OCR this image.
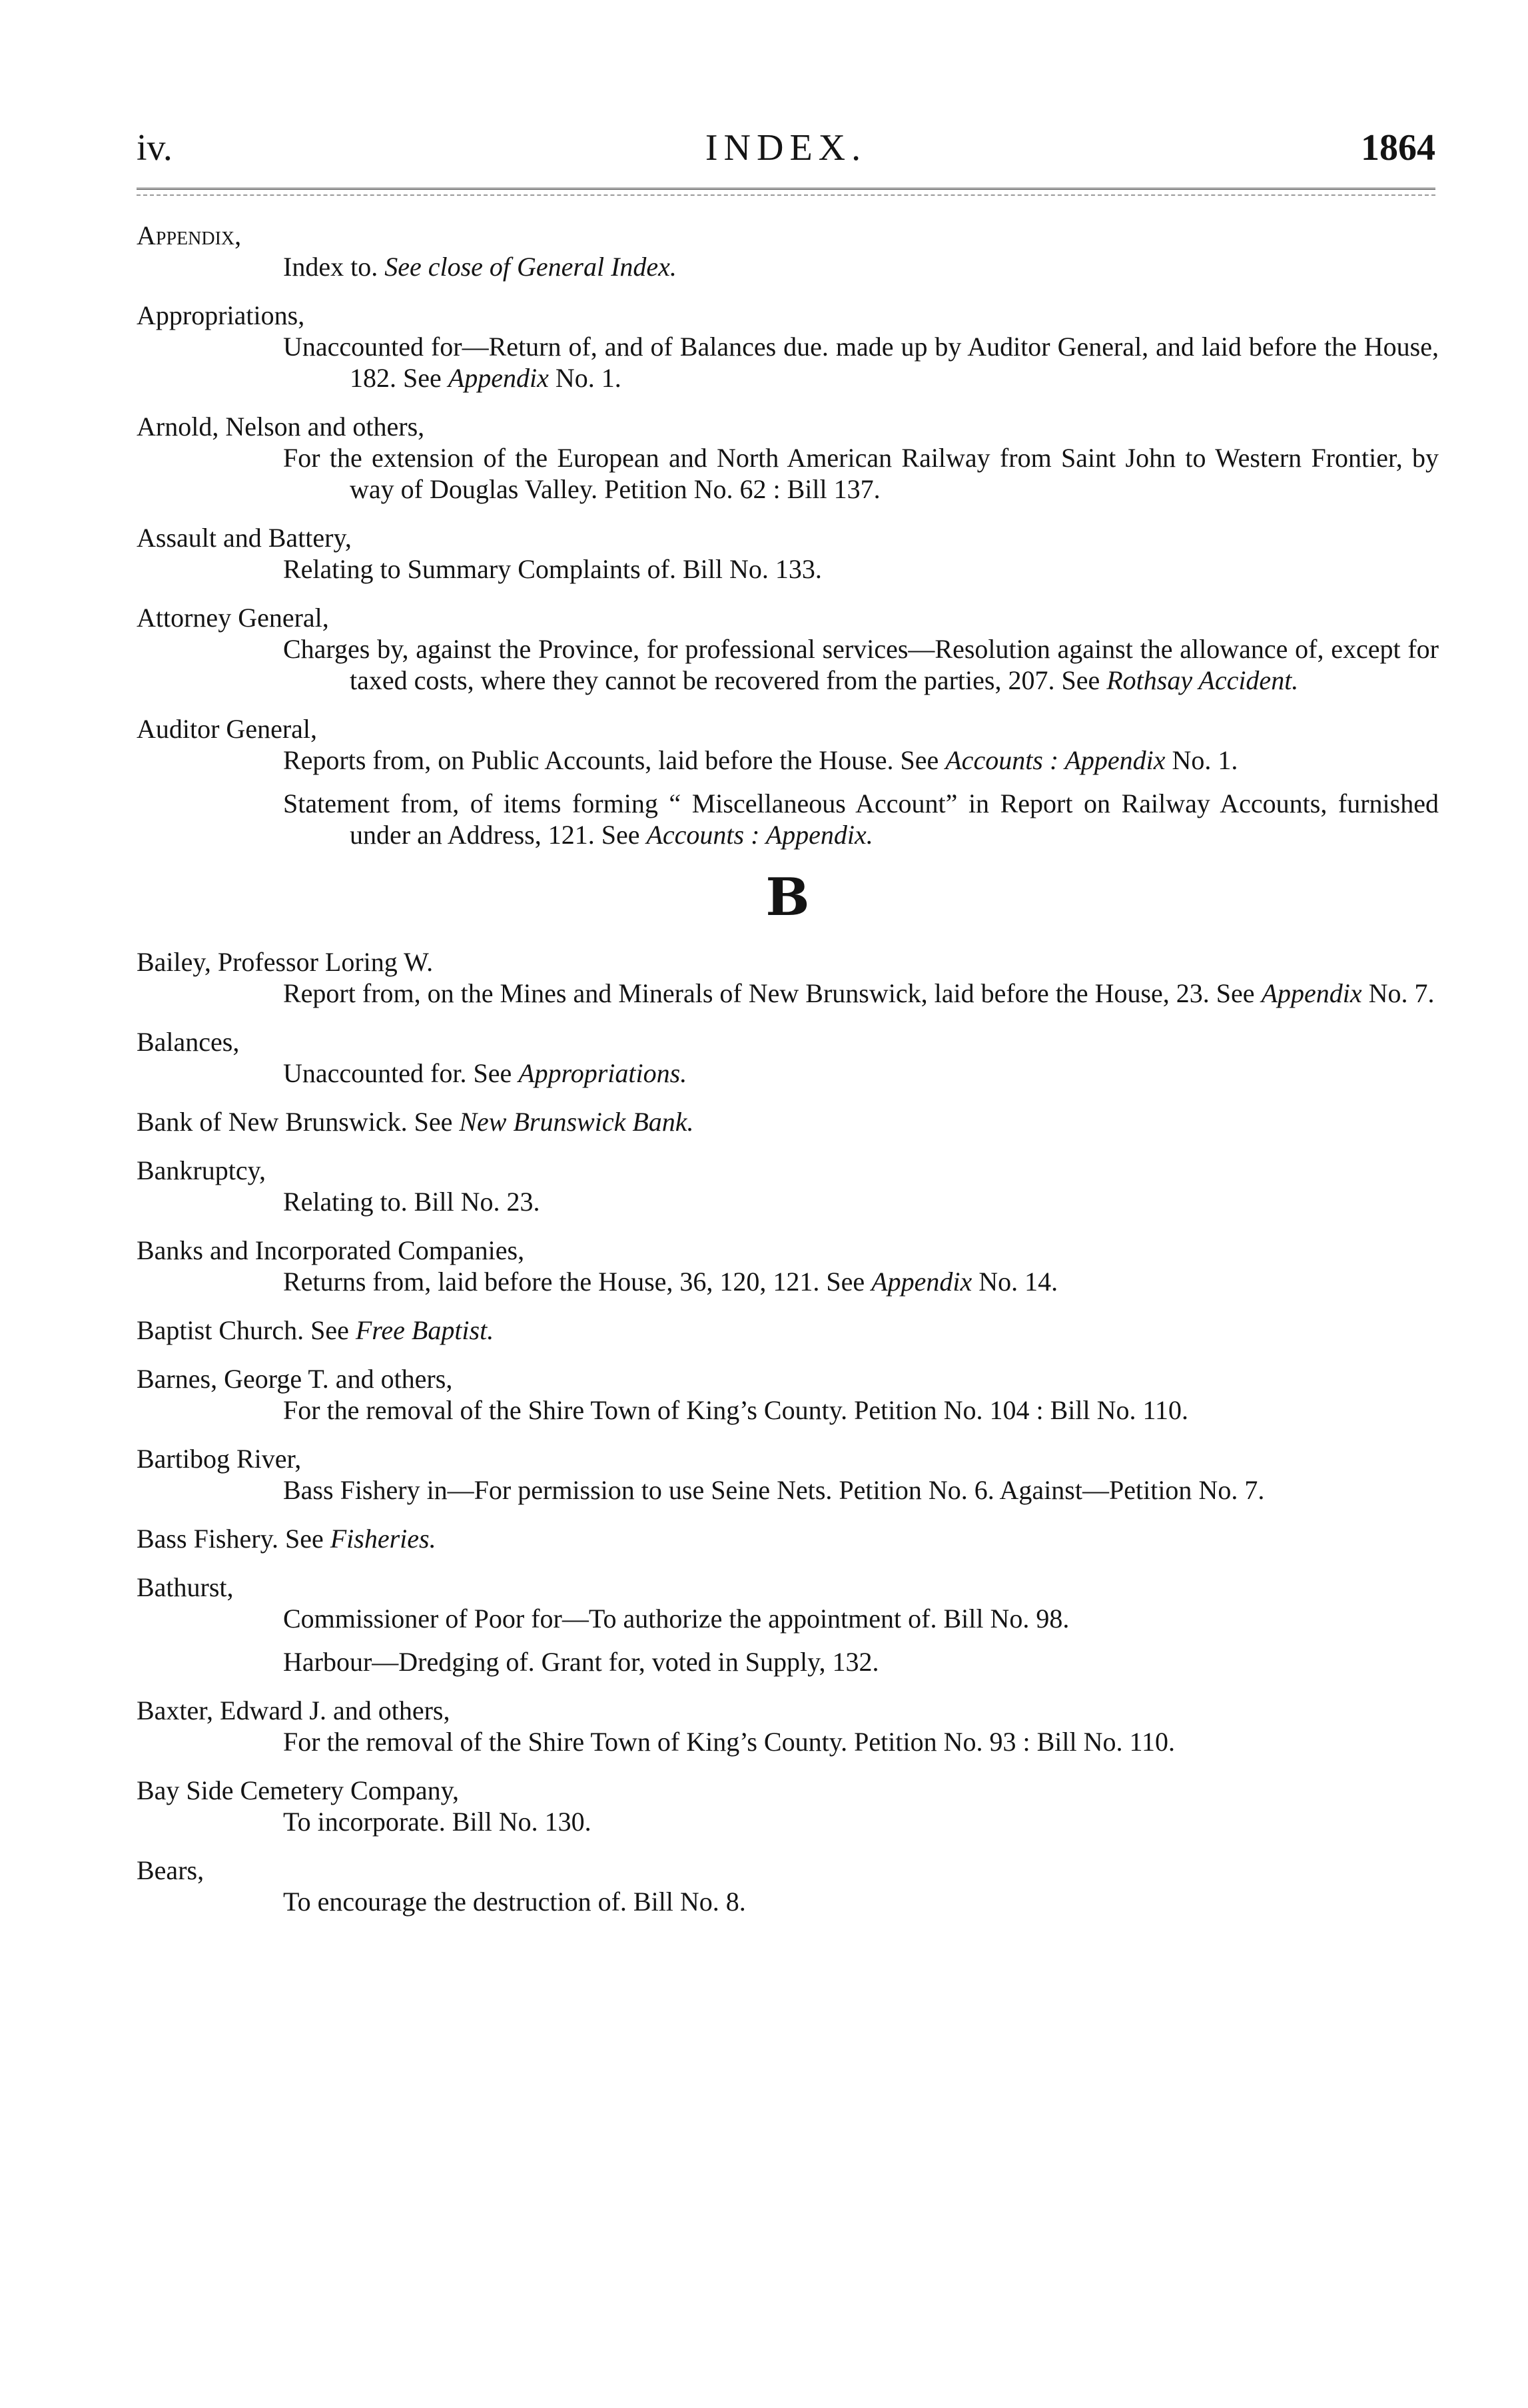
iv.	INDEX.	1864
Appendix,
Index to. See close of General Index.
Appropriations,
Unaccounted for—Return of, and of Balances due. made up by Auditor General, and laid before the House, 182. See Appendix No. 1.
Arnold, Nelson and others,
For the extension of the European and North American Railway from Saint John to Western Frontier, by way of Douglas Valley. Petition No. 62 : Bill 137.
Assault and Battery,
Relating to Summary Complaints of. Bill No. 133.
Attorney General,
Charges by, against the Province, for professional services—Resolution against the allowance of, except for taxed costs, where they cannot be recovered from the parties, 207. See Rothsay Accident.
Auditor General,
Reports from, on Public Accounts, laid before the House. See Accounts : Appendix No. 1.
Statement from, of items forming “ Miscellaneous Account” in Report on Railway Accounts, furnished under an Address, 121. See Accounts : Appendix.
B
Bailey, Professor Loring W.
Report from, on the Mines and Minerals of New Brunswick, laid before the House, 23. See Appendix No. 7.
Balances,
Unaccounted for. See Appropriations.
Bank of New Brunswick. See New Brunswick Bank.
Bankruptcy,
Relating to. Bill No. 23.
Banks and Incorporated Companies,
Returns from, laid before the House, 36, 120, 121. See Appendix No. 14.
Baptist Church. See Free Baptist.
Barnes, George T. and others,
For the removal of the Shire Town of King’s County. Petition No. 104 : Bill No. 110.
Bartibog River,
Bass Fishery in—For permission to use Seine Nets. Petition No. 6. Against—Petition No. 7.
Bass Fishery. See Fisheries.
Bathurst,
Commissioner of Poor for—To authorize the appointment of. Bill No. 98.
Harbour—Dredging of. Grant for, voted in Supply, 132.
Baxter, Edward J. and others,
For the removal of the Shire Town of King’s County. Petition No. 93 : Bill No. 110.
Bay Side Cemetery Company,
To incorporate. Bill No. 130.
Bears,
To encourage the destruction of. Bill No. 8.
